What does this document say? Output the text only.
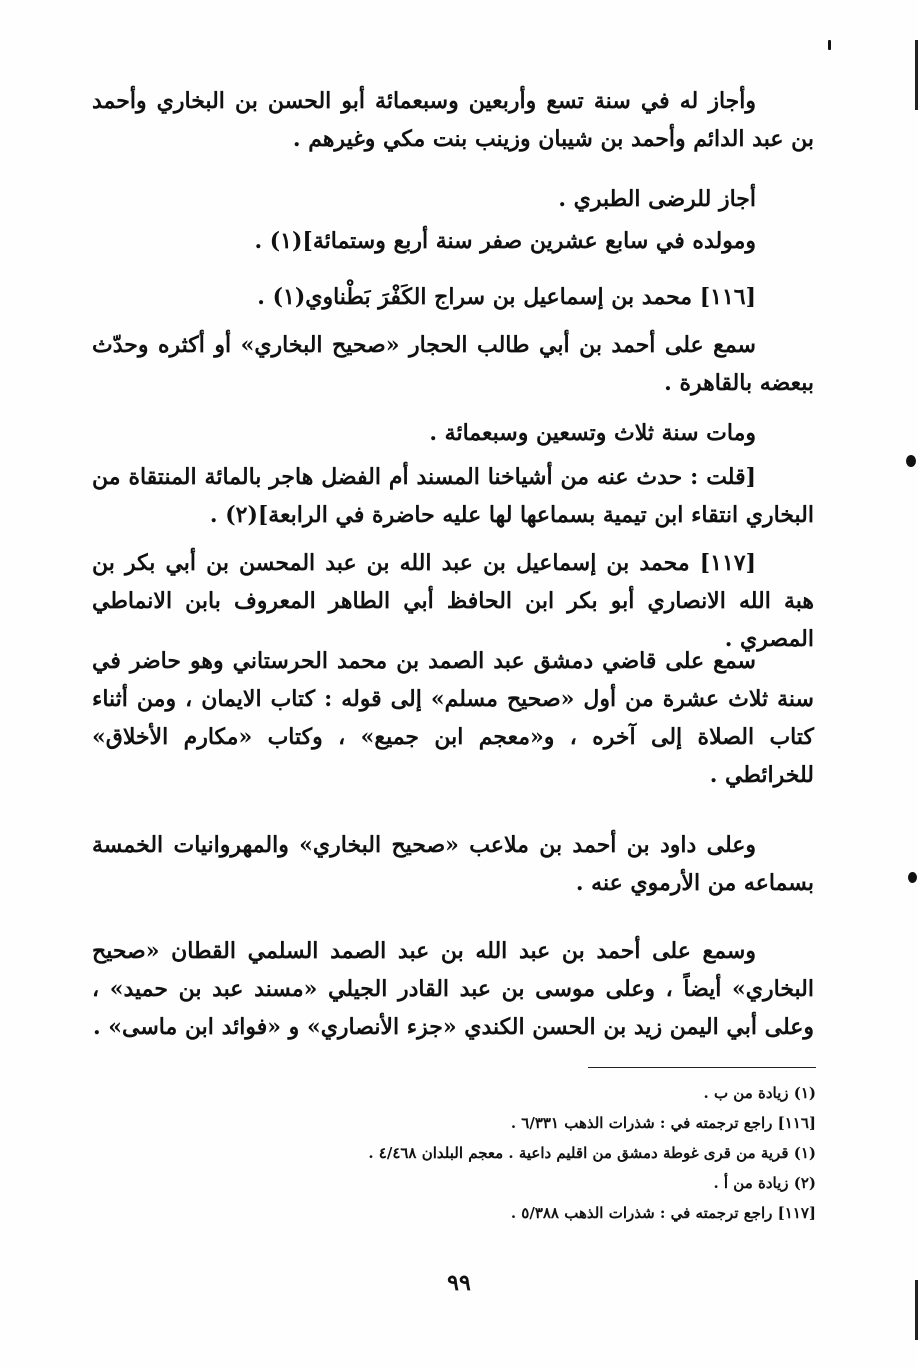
وأجاز له في سنة تسع وأربعين وسبعمائة أبو الحسن بن البخاري وأحمد بن عبد الدائم وأحمد بن شيبان وزينب بنت مكي وغيرهم .

أجاز للرضى الطبري .

ومولده في سابع عشرين صفر سنة أربع وستمائة](١) .

[١١٦] محمد بن إسماعيل بن سراج الكَفْرَ بَطْناوي(١) .

سمع على أحمد بن أبي طالب الحجار «صحيح البخاري» أو أكثره وحدّث ببعضه بالقاهرة .

ومات سنة ثلاث وتسعين وسبعمائة .

[قلت : حدث عنه من أشياخنا المسند أم الفضل هاجر بالمائة المنتقاة من البخاري انتقاء ابن تيمية بسماعها لها عليه حاضرة في الرابعة](٢) .

[١١٧] محمد بن إسماعيل بن عبد الله بن عبد المحسن بن أبي بكر بن هبة الله الانصاري أبو بكر ابن الحافظ أبي الطاهر المعروف بابن الانماطي المصري .

سمع على قاضي دمشق عبد الصمد بن محمد الحرستاني وهو حاضر في سنة ثلاث عشرة من أول «صحيح مسلم» إلى قوله : كتاب الايمان ، ومن أثناء كتاب الصلاة إلى آخره ، و«معجم ابن جميع» ، وكتاب «مكارم الأخلاق» للخرائطي .

وعلى داود بن أحمد بن ملاعب «صحيح البخاري» والمهروانيات الخمسة بسماعه من الأرموي عنه .

وسمع على أحمد بن عبد الله بن عبد الصمد السلمي القطان «صحيح البخاري» أيضاً ، وعلى موسى بن عبد القادر الجيلي «مسند عبد بن حميد» ، وعلى أبي اليمن زيد بن الحسن الكندي «جزء الأنصاري» و «فوائد ابن ماسى» .

(١) زيادة من ب .
[١١٦] راجع ترجمته في : شذرات الذهب ٦/٣٣١ .
(١) قرية من قرى غوطة دمشق من اقليم داعية . معجم البلدان ٤/٤٦٨ .
(٢) زيادة من أ .
[١١٧] راجع ترجمته في : شذرات الذهب ٥/٣٨٨ .
٩٩
